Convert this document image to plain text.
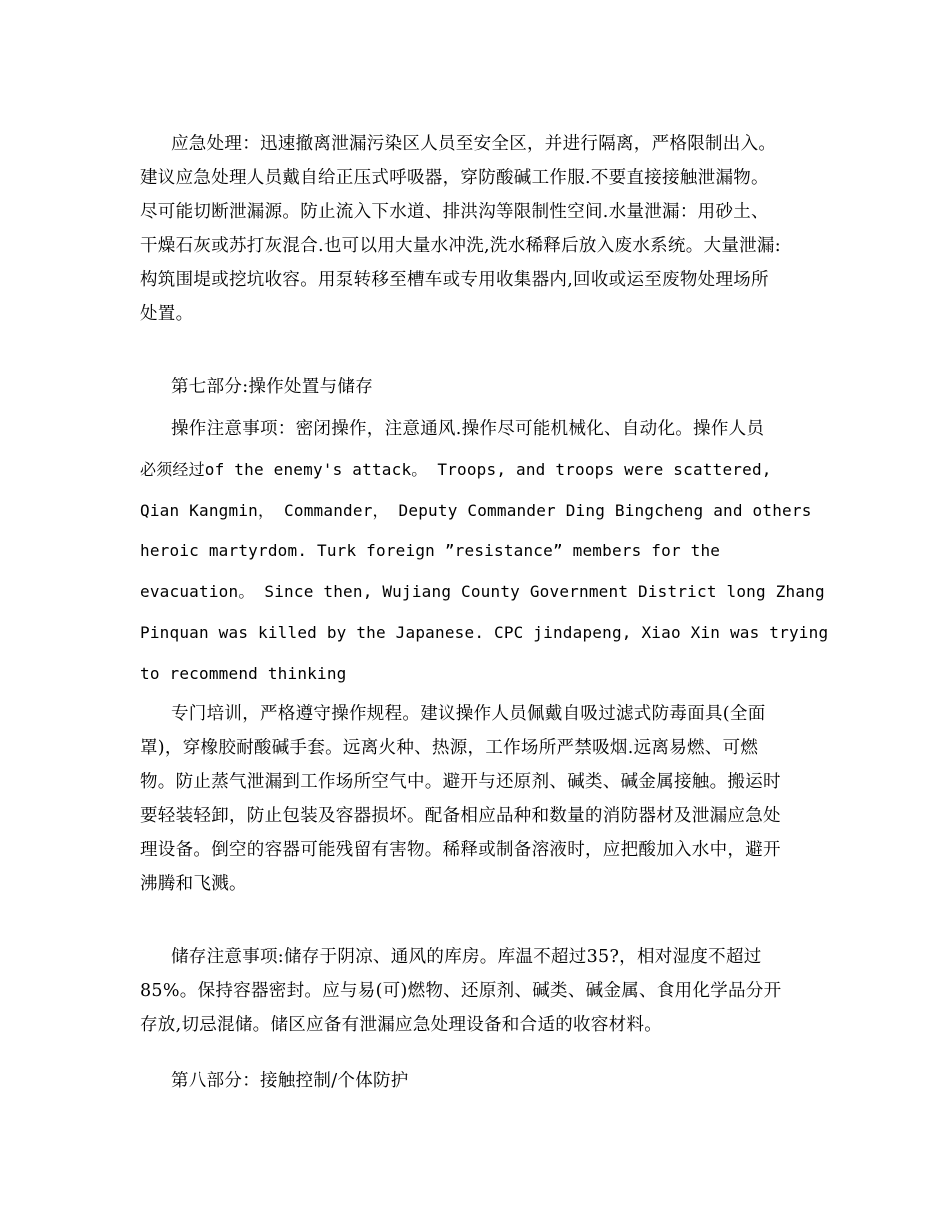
应急处理：迅速撤离泄漏污染区人员至安全区，并进行隔离，严格限制出入。
建议应急处理人员戴自给正压式呼吸器，穿防酸碱工作服.不要直接接触泄漏物。
尽可能切断泄漏源。防止流入下水道、排洪沟等限制性空间.水量泄漏：用砂土、
干燥石灰或苏打灰混合.也可以用大量水冲洗,洗水稀释后放入废水系统。大量泄漏:
构筑围堤或挖坑收容。用泵转移至槽车或专用收集器内,回收或运至废物处理场所
处置。
第七部分:操作处置与储存
操作注意事项：密闭操作，注意通风.操作尽可能机械化、自动化。操作人员
必须经过of the enemy's attack。 Troops, and troops were scattered,
Qian Kangmin， Commander， Deputy Commander Ding Bingcheng and others
heroic martyrdom. Turk foreign ”resistance” members for the
evacuation。 Since then, Wujiang County Government District long Zhang
Pinquan was killed by the Japanese. CPC jindapeng, Xiao Xin was trying
to recommend thinking
专门培训，严格遵守操作规程。建议操作人员佩戴自吸过滤式防毒面具(全面
罩)，穿橡胶耐酸碱手套。远离火种、热源，工作场所严禁吸烟.远离易燃、可燃
物。防止蒸气泄漏到工作场所空气中。避开与还原剂、碱类、碱金属接触。搬运时
要轻装轻卸，防止包装及容器损坏。配备相应品种和数量的消防器材及泄漏应急处
理设备。倒空的容器可能残留有害物。稀释或制备溶液时，应把酸加入水中，避开
沸腾和飞溅。
储存注意事项:储存于阴凉、通风的库房。库温不超过35?，相对湿度不超过
85%。保持容器密封。应与易(可)燃物、还原剂、碱类、碱金属、食用化学品分开
存放,切忌混储。储区应备有泄漏应急处理设备和合适的收容材料。
第八部分：接触控制/个体防护
